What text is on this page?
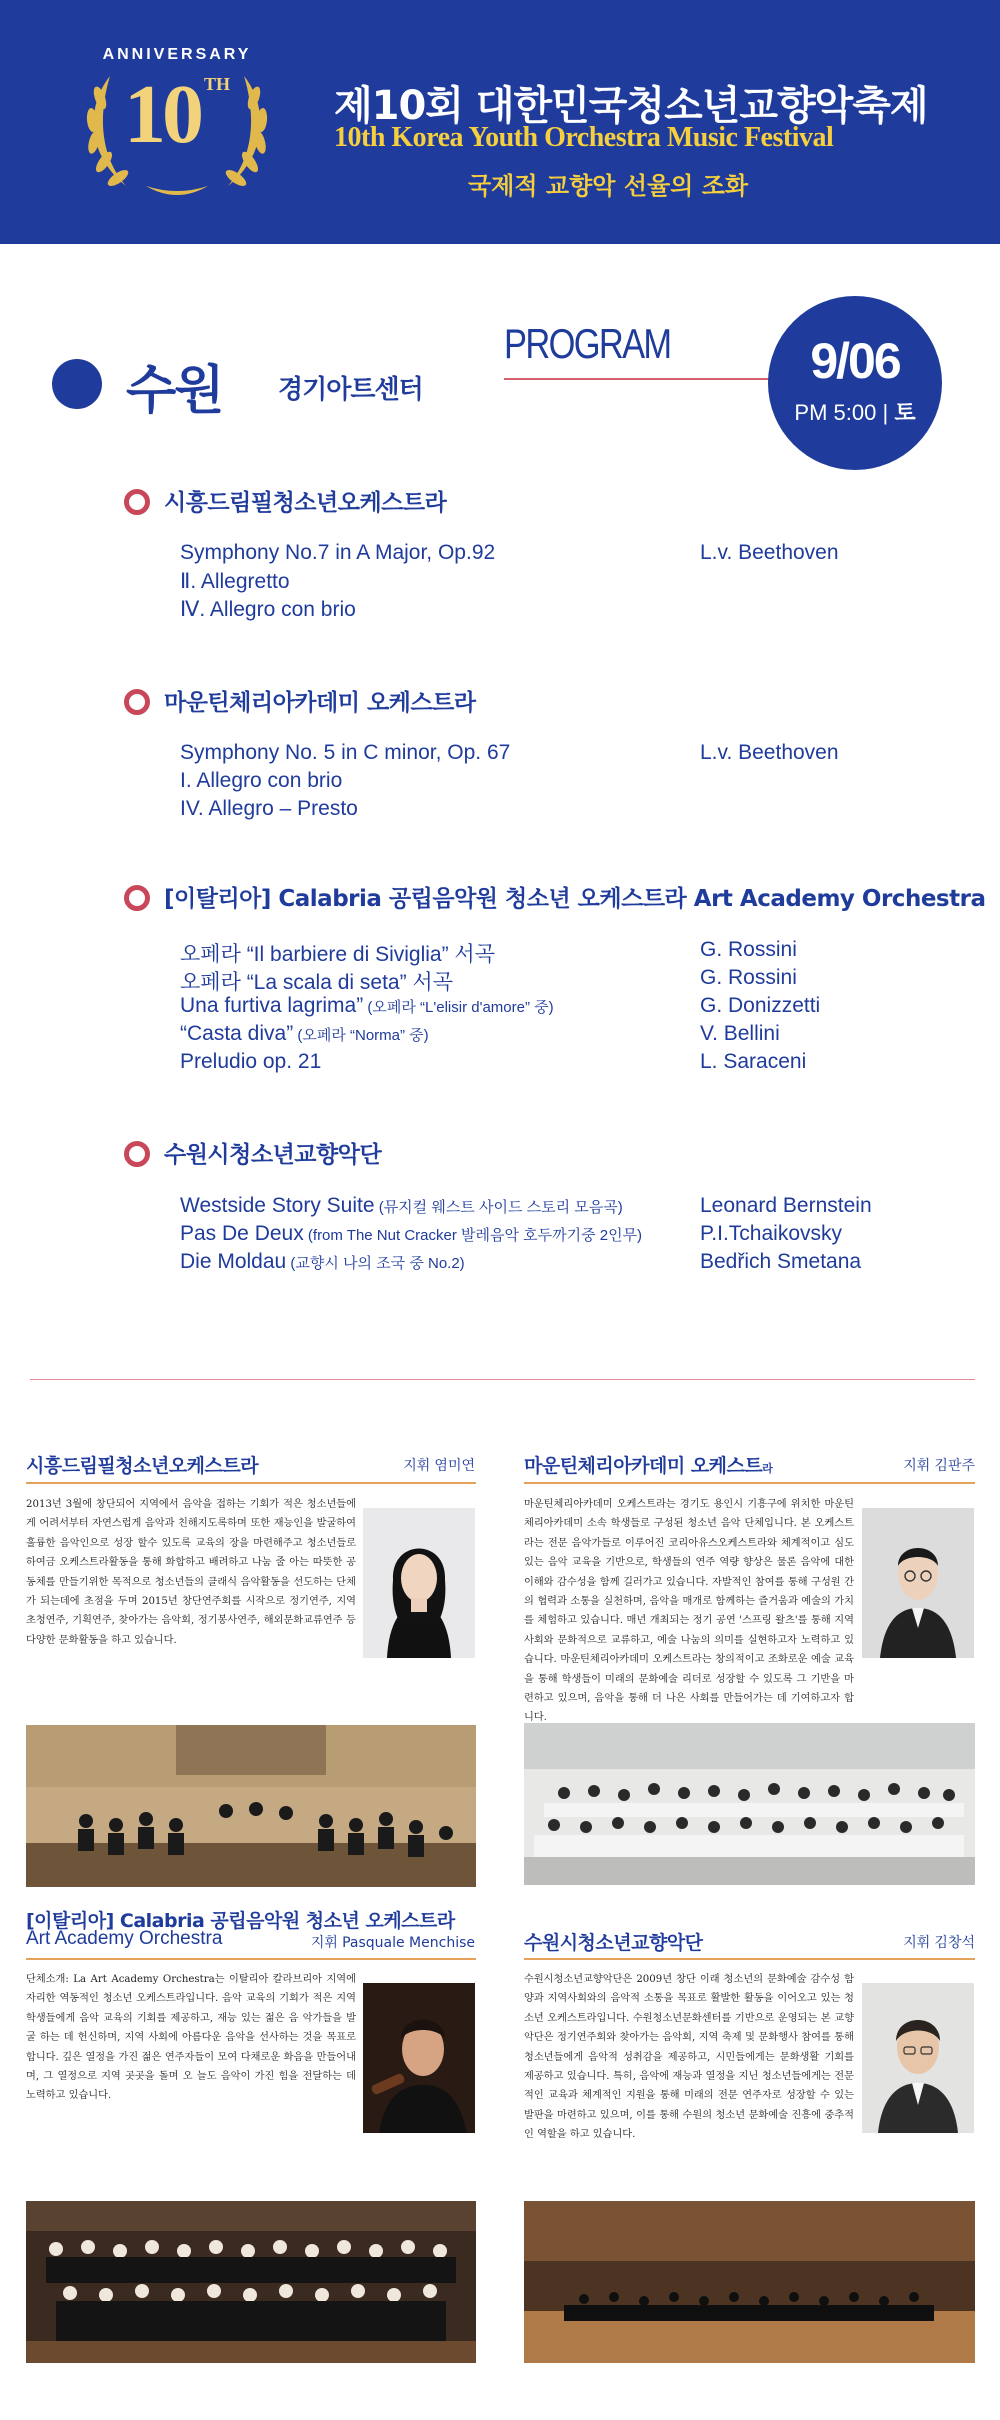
ANNIVERSARY
10 $^{TH}$	제10회 대한민국청소년교향악축제
10th Korea Youth Orchestra Music Festival
국제적 교향악 선율의 조화
수원 경기아트센터
PROGRAM	9/06
PM 5:00 | 토
시흥드림필청소년오케스트라
Symphony No.7 in A Major, Op.92	L.v. Beethoven
Ⅱ. Allegretto
Ⅳ. Allegro con brio
마운틴체리아카데미 오케스트라
Symphony No. 5 in C minor, Op. 67	L.v. Beethoven
I. Allegro con brio
IV. Allegro – Presto
[이탈리아] Calabria 공립음악원 청소년 오케스트라 Art Academy Orchestra
오페라 “Il barbiere di Siviglia” 서곡	G. Rossini
오페라 “La scala di seta” 서곡	G. Rossini
Una furtiva lagrima” (오페라 “L'elisir d'amore” 중)	G. Donizzetti
“Casta diva” (오페라 “Norma” 중)	V. Bellini
Preludio op. 21	L. Saraceni
수원시청소년교향악단
Westside Story Suite (뮤지컬 웨스트 사이드 스토리 모음곡)	Leonard Bernstein
Pas De Deux (from The Nut Cracker 발레음악 호두까기중 2인무)	P.I.Tchaikovsky
Die Moldau (교향시 나의 조국 중 No.2)	Bedřich Smetana
시흥드림필청소년오케스트라	지휘 염미연
2013년 3월에 창단되어 지역에서 음악을 접하는 기회가 적은 청소년들에게 어려서부터 자연스럽게 음악과 친해지도록하며 또한 재능인을 발굴하여 훌륭한 음악인으로 성장 할수 있도록 교육의 장을 마련해주고 청소년들로 하여금 오케스트라활동을 통해 화합하고 배려하고 나눔 줄 아는 따뜻한 공동체를 만들기위한 목적으로 청소년들의 클래식 음악활동을 선도하는 단체가 되는데에 초점을 두며 2015년 창단연주회를 시작으로 정기연주, 지역초청연주, 기획연주, 찾아가는 음악회, 정기봉사연주, 해외문화교류연주 등 다양한 문화활동을 하고 있습니다.
마운틴체리아카데미 오케스트라	지휘 김판주
마운틴체리아카데미 오케스트라는 경기도 용인시 기흥구에 위치한 마운틴체리아카데미 소속 학생들로 구성된 청소년 음악 단체입니다. 본 오케스트라는 전문 음악가들로 이루어진 코리아유스오케스트라와 체계적이고 심도 있는 음악 교육을 기반으로, 학생들의 연주 역량 향상은 물론 음악에 대한 이해와 감수성을 함께 길러가고 있습니다. 자발적인 참여를 통해 구성원 간의 협력과 소통을 실천하며, 음악을 매개로 함께하는 즐거움과 예술의 가치를 체험하고 있습니다. 매년 개최되는 정기 공연 '스프링 왈츠'를 통해 지역사회와 문화적으로 교류하고, 예술 나눔의 의미를 실현하고자 노력하고 있습니다. 마운틴체리아카데미 오케스트라는 창의적이고 조화로운 예술 교육을 통해 학생들이 미래의 문화예술 리더로 성장할 수 있도록 그 기반을 마련하고 있으며, 음악을 통해 더 나은 사회를 만들어가는 데 기여하고자 합니다.
[이탈리아] Calabria 공립음악원 청소년 오케스트라
Art Academy Orchestra	지휘 Pasquale Menchise
단체소개: La Art Academy Orchestra는 이탈리아 칼라브리아 지역에 자리한 역동적인 청소년 오케스트라입니다. 음악 교육의 기회가 적은 지역 학생들에게 음악 교육의 기회를 제공하고, 재능 있는 젊은 음 악가들을 발굴 하는 데 헌신하며, 지역 사회에 아름다운 음악을 선사하는 것을 목표로 합니다. 깊은 열정을 가진 젊은 연주자들이 모여 다채로운 화음을 만들어내며, 그 열정으로 지역 곳곳을 돌며 오 늘도 음악이 가진 힘을 전달하는 데 노력하고 있습니다.
수원시청소년교향악단	지휘 김창석
수원시청소년교향악단은 2009년 창단 이래 청소년의 문화예술 감수성 함양과 지역사회와의 음악적 소통을 목표로 활발한 활동을 이어오고 있는 청소년 오케스트라입니다. 수원청소년문화센터를 기반으로 운영되는 본 교향악단은 정기연주회와 찾아가는 음악회, 지역 축제 및 문화행사 참여를 통해 청소년들에게 음악적 성취감을 제공하고, 시민들에게는 문화생활 기회를 제공하고 있습니다. 특히, 음악에 재능과 열정을 지닌 청소년들에게는 전문적인 교육과 체계적인 지원을 통해 미래의 전문 연주자로 성장할 수 있는 발판을 마련하고 있으며, 이를 통해 수원의 청소년 문화예술 진흥에 중추적인 역할을 하고 있습니다.
